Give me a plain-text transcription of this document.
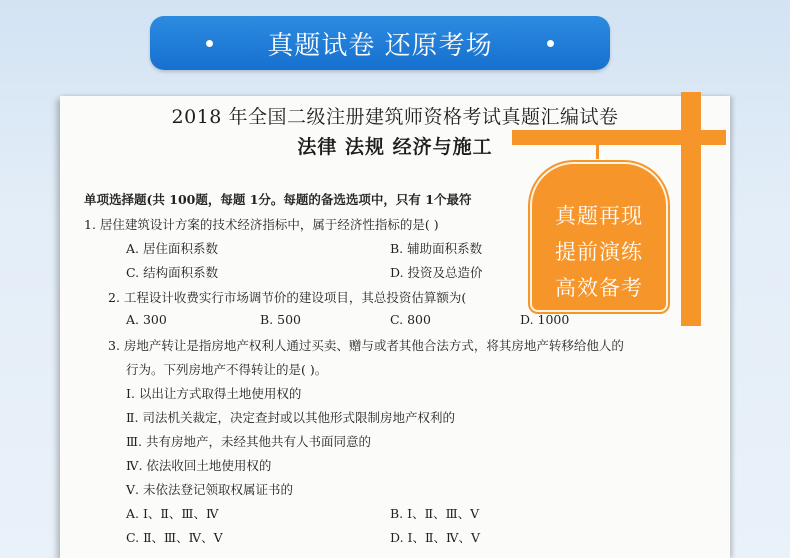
真题试卷 还原考场
2018 年全国二级注册建筑师资格考试真题汇编试卷
法律 法规 经济与施工
单项选择题(共 100题，每题 1分。每题的备选选项中，只有 1个最符
1. 居住建筑设计方案的技术经济指标中，属于经济性指标的是( )
A. 居住面积系数	B. 辅助面积系数
C. 结构面积系数	D. 投资及总造价
2. 工程设计收费实行市场调节价的建设项目，其总投资估算额为(
A. 300	B. 500	C. 800	D. 1000
3. 房地产转让是指房地产权利人通过买卖、赠与或者其他合法方式，将其房地产转移给他人的
行为。下列房地产不得转让的是( )。
Ⅰ. 以出让方式取得土地使用权的
Ⅱ. 司法机关裁定，决定查封或以其他形式限制房地产权利的
Ⅲ. 共有房地产，未经其他共有人书面同意的
Ⅳ. 依法收回土地使用权的
Ⅴ. 未依法登记领取权属证书的
A. Ⅰ、Ⅱ、Ⅲ、Ⅳ	B. Ⅰ、Ⅱ、Ⅲ、Ⅴ
C. Ⅱ、Ⅲ、Ⅳ、Ⅴ	D. Ⅰ、Ⅱ、Ⅳ、Ⅴ
真题再现
提前演练
高效备考
